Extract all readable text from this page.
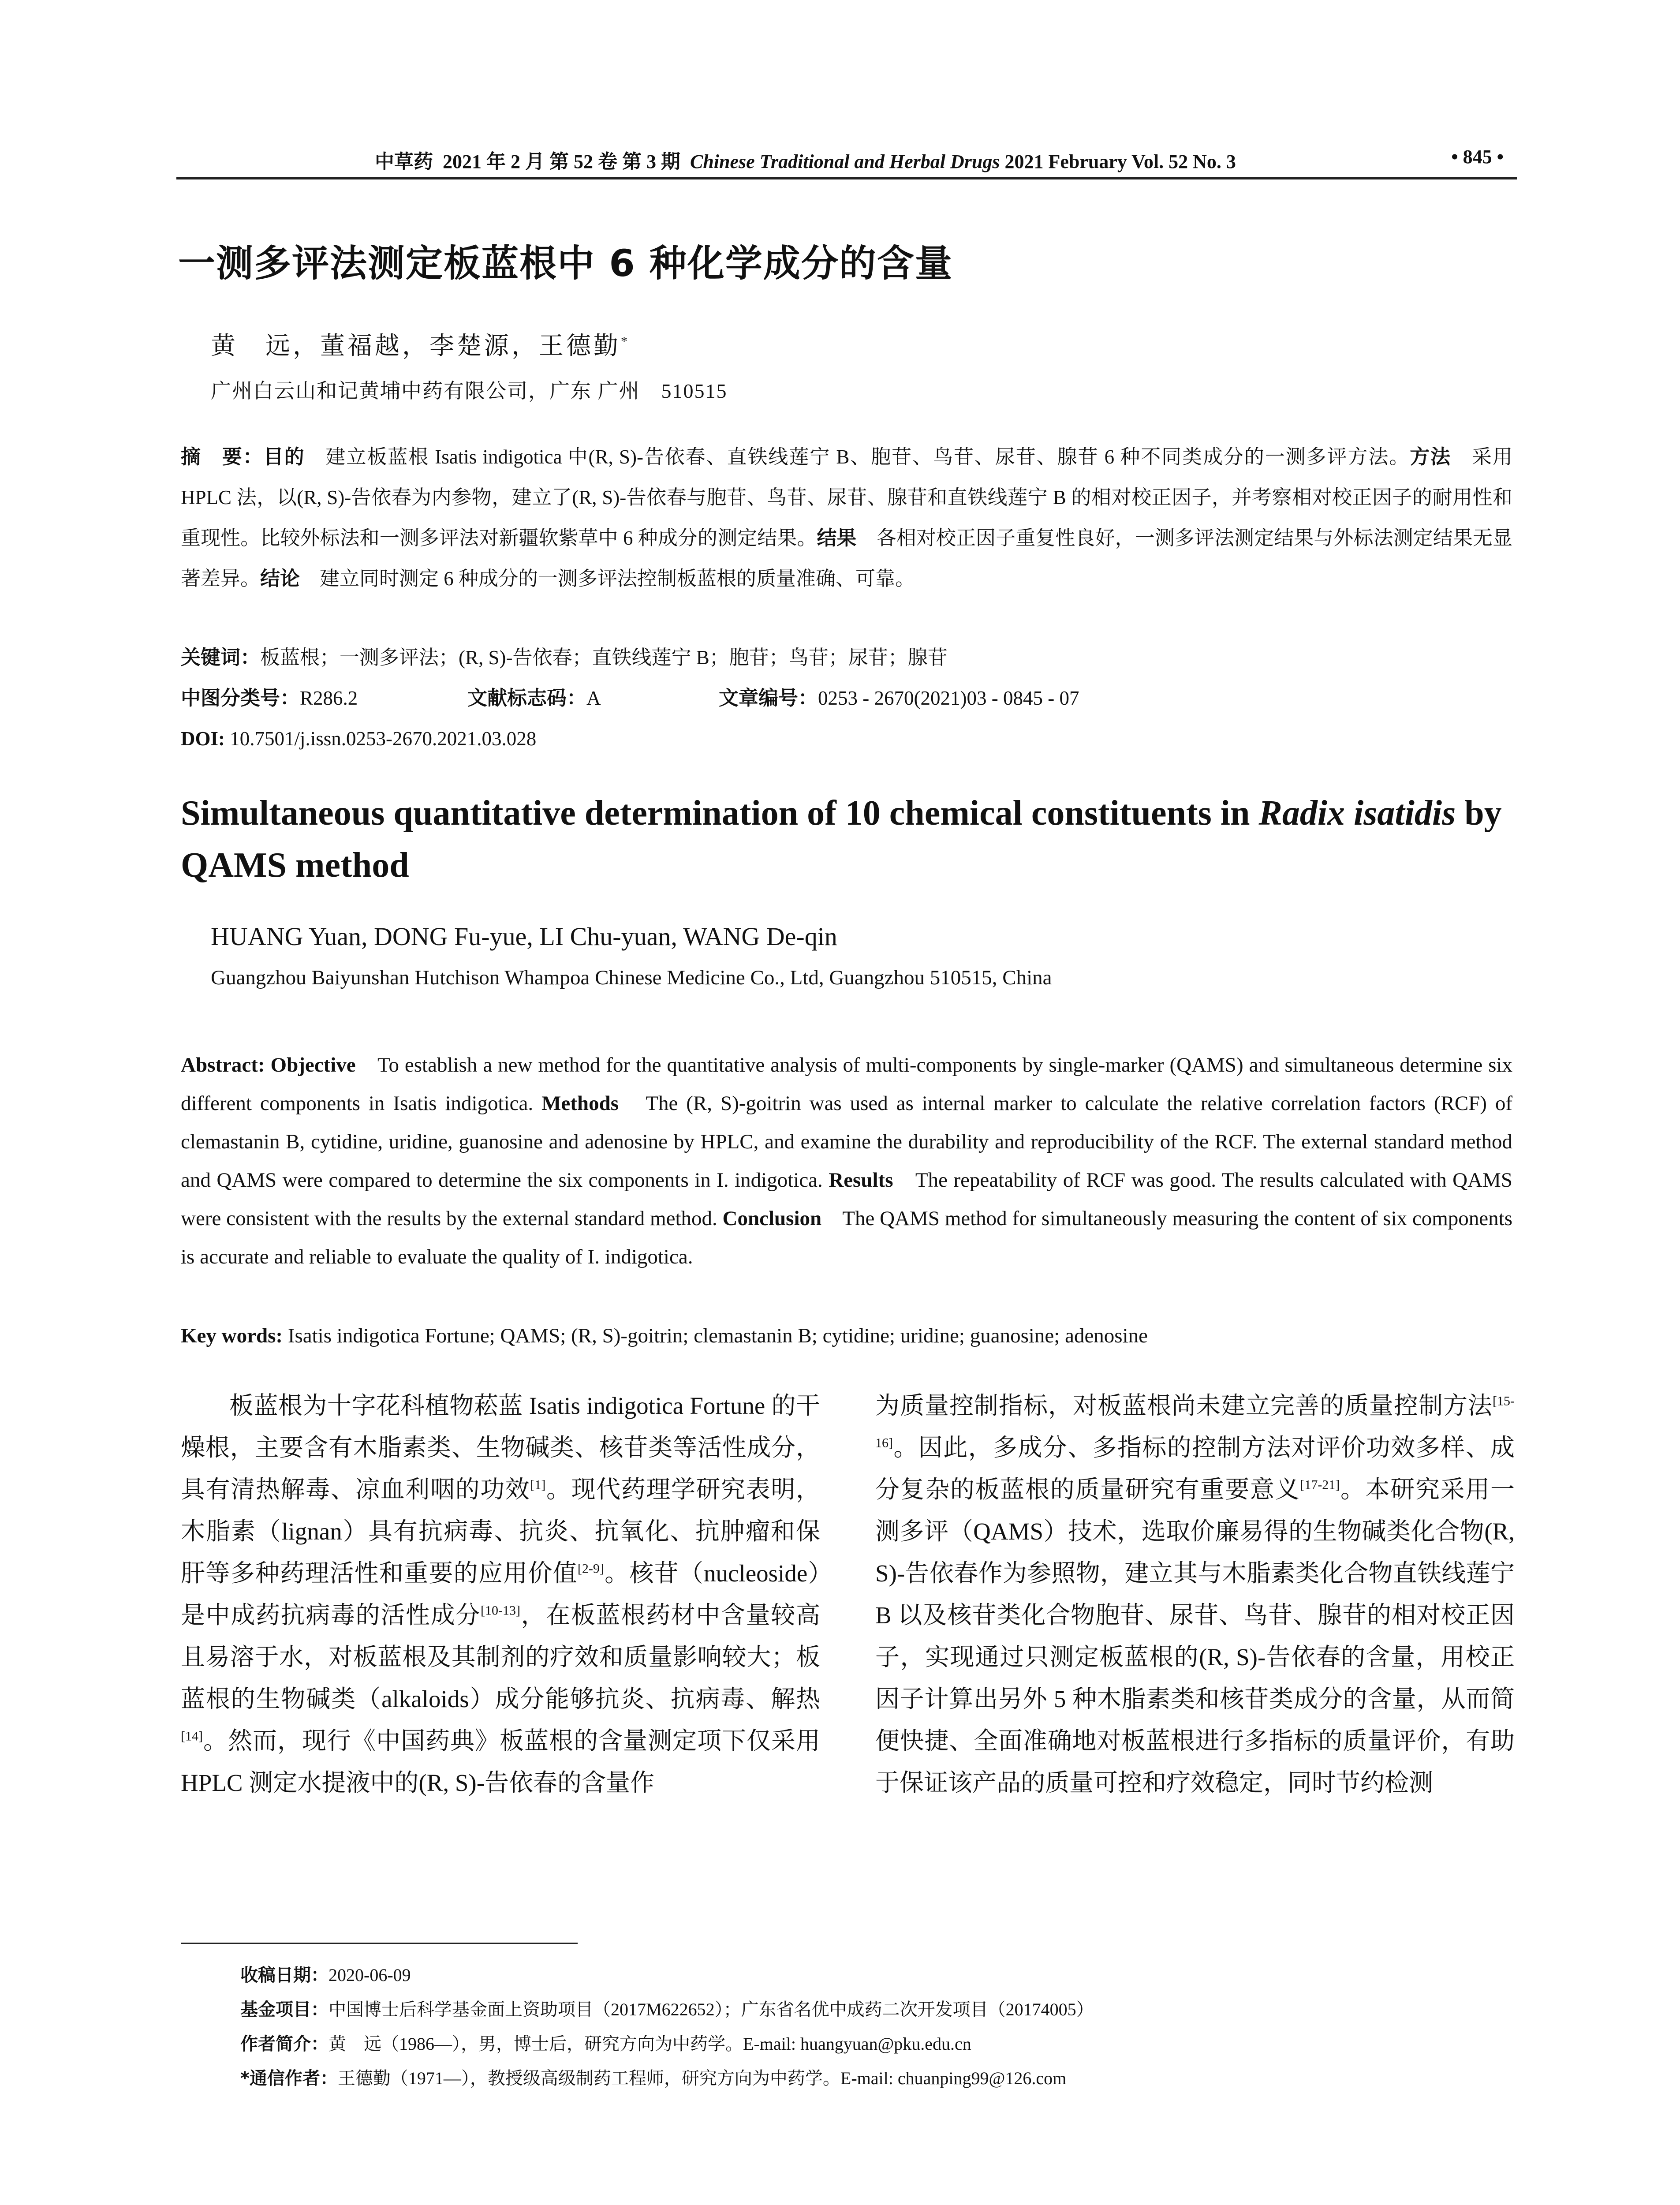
中草药 2021 年 2 月 第 52 卷 第 3 期 Chinese Traditional and Herbal Drugs 2021 February Vol. 52 No. 3	• 845 •
一测多评法测定板蓝根中 6 种化学成分的含量
黄　远，董福越，李楚源，王德勤*
广州白云山和记黄埔中药有限公司，广东 广州　510515
摘　要：目的　建立板蓝根 Isatis indigotica 中(R, S)-告依春、直铁线莲宁 B、胞苷、鸟苷、尿苷、腺苷 6 种不同类成分的一测多评方法。方法　采用 HPLC 法，以(R, S)-告依春为内参物，建立了(R, S)-告依春与胞苷、鸟苷、尿苷、腺苷和直铁线莲宁 B 的相对校正因子，并考察相对校正因子的耐用性和重现性。比较外标法和一测多评法对新疆软紫草中 6 种成分的测定结果。结果　各相对校正因子重复性良好，一测多评法测定结果与外标法测定结果无显著差异。结论　建立同时测定 6 种成分的一测多评法控制板蓝根的质量准确、可靠。
关键词：板蓝根；一测多评法；(R, S)-告依春；直铁线莲宁 B；胞苷；鸟苷；尿苷；腺苷
中图分类号：R286.2	文献标志码：A	文章编号：0253 - 2670(2021)03 - 0845 - 07
DOI: 10.7501/j.issn.0253-2670.2021.03.028
Simultaneous quantitative determination of 10 chemical constituents in Radix isatidis by QAMS method
HUANG Yuan, DONG Fu-yue, LI Chu-yuan, WANG De-qin
Guangzhou Baiyunshan Hutchison Whampoa Chinese Medicine Co., Ltd, Guangzhou 510515, China
Abstract: Objective　To establish a new method for the quantitative analysis of multi-components by single-marker (QAMS) and simultaneous determine six different components in Isatis indigotica. Methods　The (R, S)-goitrin was used as internal marker to calculate the relative correlation factors (RCF) of clemastanin B, cytidine, uridine, guanosine and adenosine by HPLC, and examine the durability and reproducibility of the RCF. The external standard method and QAMS were compared to determine the six components in I. indigotica. Results　The repeatability of RCF was good. The results calculated with QAMS were consistent with the results by the external standard method. Conclusion　The QAMS method for simultaneously measuring the content of six components is accurate and reliable to evaluate the quality of I. indigotica.
Key words: Isatis indigotica Fortune; QAMS; (R, S)-goitrin; clemastanin B; cytidine; uridine; guanosine; adenosine

板蓝根为十字花科植物菘蓝 Isatis indigotica Fortune 的干燥根，主要含有木脂素类、生物碱类、核苷类等活性成分，具有清热解毒、凉血利咽的功效[1]。现代药理学研究表明，木脂素（lignan）具有抗病毒、抗炎、抗氧化、抗肿瘤和保肝等多种药理活性和重要的应用价值[2-9]。核苷（nucleoside）是中成药抗病毒的活性成分[10-13]，在板蓝根药材中含量较高且易溶于水，对板蓝根及其制剂的疗效和质量影响较大；板蓝根的生物碱类（alkaloids）成分能够抗炎、抗病毒、解热[14]。然而，现行《中国药典》板蓝根的含量测定项下仅采用 HPLC 测定水提液中的(R, S)-告依春的含量作

为质量控制指标，对板蓝根尚未建立完善的质量控制方法[15-16]。因此，多成分、多指标的控制方法对评价功效多样、成分复杂的板蓝根的质量研究有重要意义[17-21]。本研究采用一测多评（QAMS）技术，选取价廉易得的生物碱类化合物(R, S)-告依春作为参照物，建立其与木脂素类化合物直铁线莲宁 B 以及核苷类化合物胞苷、尿苷、鸟苷、腺苷的相对校正因子，实现通过只测定板蓝根的(R, S)-告依春的含量，用校正因子计算出另外 5 种木脂素类和核苷类成分的含量，从而简便快捷、全面准确地对板蓝根进行多指标的质量评价，有助于保证该产品的质量可控和疗效稳定，同时节约检测

收稿日期：2020-06-09
基金项目：中国博士后科学基金面上资助项目（2017M622652）；广东省名优中成药二次开发项目（20174005）
作者简介：黄　远（1986—），男，博士后，研究方向为中药学。E-mail: huangyuan@pku.edu.cn
*通信作者：王德勤（1971—），教授级高级制药工程师，研究方向为中药学。E-mail: chuanping99@126.com
